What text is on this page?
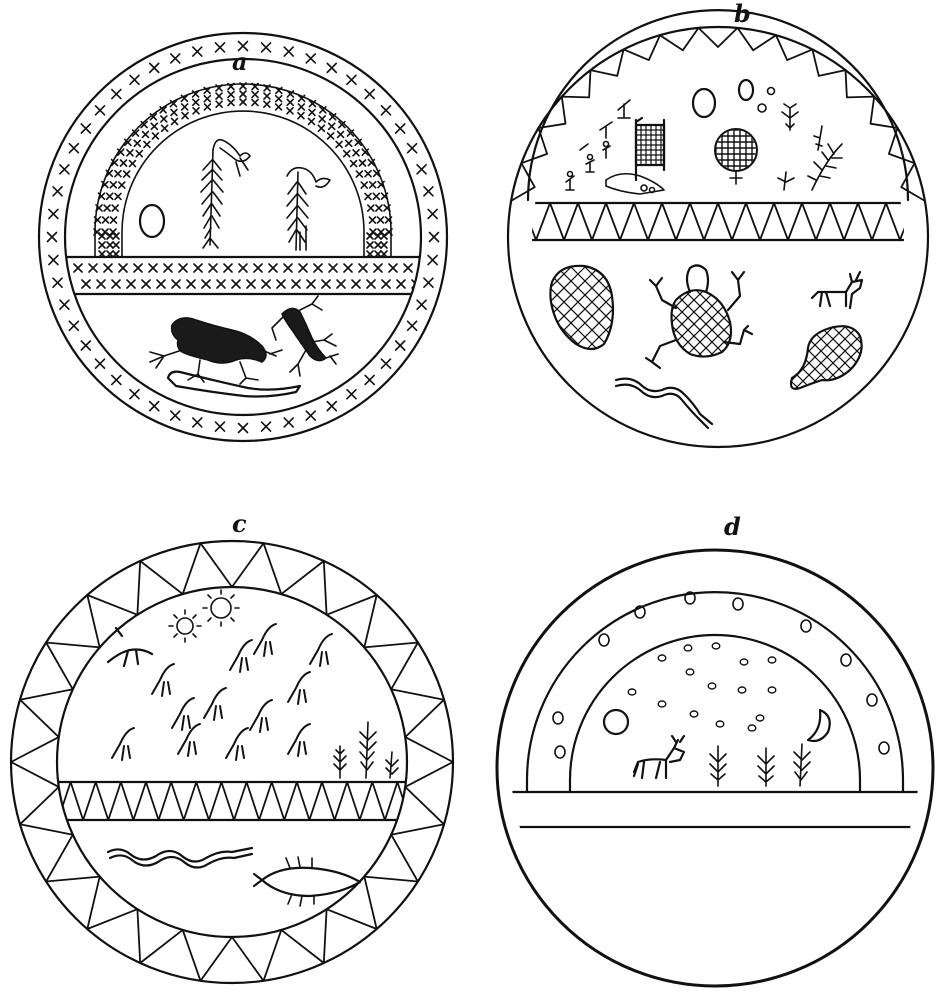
a
b
c	d
